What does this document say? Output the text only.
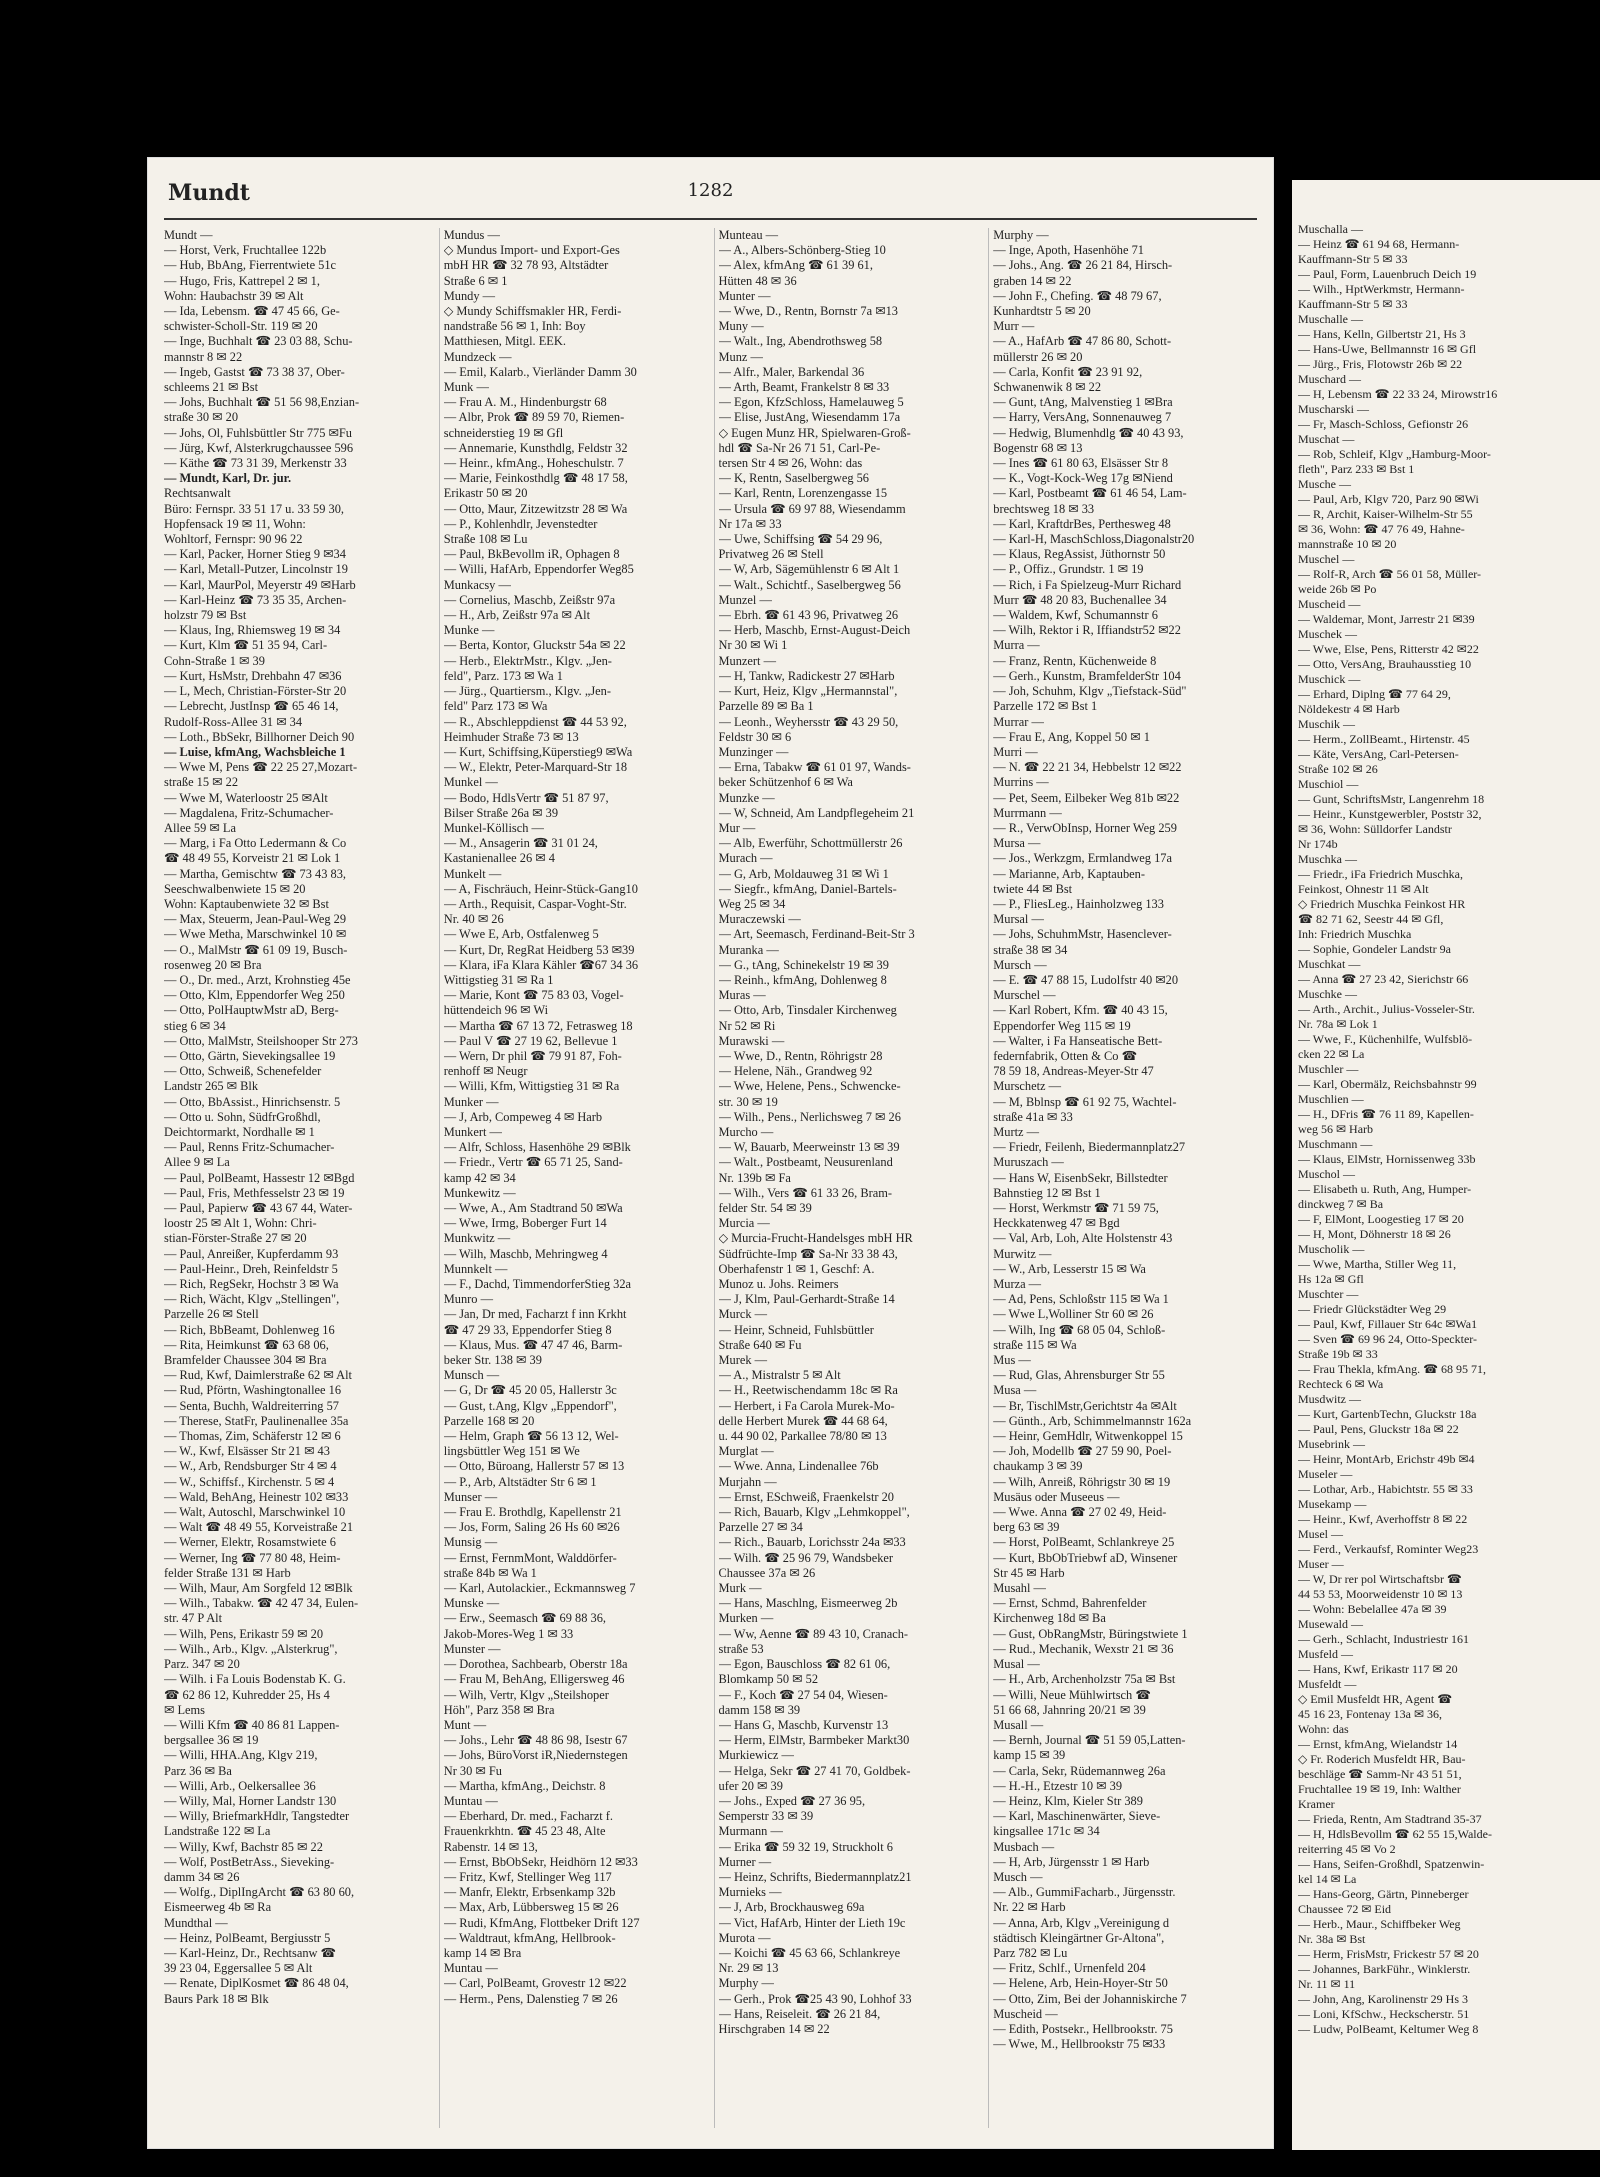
Mundt	1282
Mundt —
— Horst, Verk, Fruchtallee 122b
— Hub, BbAng, Fierrentwiete 51c
— Hugo, Fris, Kattrepel 2 ✉ 1,
Wohn: Haubachstr 39 ✉ Alt
— Ida, Lebensm. ☎ 47 45 66, Ge-
schwister-Scholl-Str. 119 ✉ 20
— Inge, Buchhalt ☎ 23 03 88, Schu-
mannstr 8 ✉ 22
— Ingeb, Gastst ☎ 73 38 37, Ober-
schleems 21 ✉ Bst
— Johs, Buchhalt ☎ 51 56 98,Enzian-
straße 30 ✉ 20
— Johs, Ol, Fuhlsbüttler Str 775 ✉Fu
— Jürg, Kwf, Alsterkrugchaussee 596
— Käthe ☎ 73 31 39, Merkenstr 33
— Mundt, Karl, Dr. jur.
Rechtsanwalt
Büro: Fernspr. 33 51 17 u. 33 59 30,
Hopfensack 19 ✉ 11, Wohn:
Wohltorf, Fernspr: 90 96 22
— Karl, Packer, Horner Stieg 9 ✉34
— Karl, Metall-Putzer, Lincolnstr 19
— Karl, MaurPol, Meyerstr 49 ✉Harb
— Karl-Heinz ☎ 73 35 35, Archen-
holzstr 79 ✉ Bst
— Klaus, Ing, Rhiemsweg 19 ✉ 34
— Kurt, Klm ☎ 51 35 94, Carl-
Cohn-Straße 1 ✉ 39
— Kurt, HsMstr, Drehbahn 47 ✉36
— L, Mech, Christian-Förster-Str 20
— Lebrecht, JustInsp ☎ 65 46 14,
Rudolf-Ross-Allee 31 ✉ 34
— Loth., BbSekr, Billhorner Deich 90
— Luise, kfmAng, Wachsbleiche 1
— Wwe M, Pens ☎ 22 25 27,Mozart-
straße 15 ✉ 22
— Wwe M, Waterloostr 25 ✉Alt
— Magdalena, Fritz-Schumacher-
Allee 59 ✉ La
— Marg, i Fa Otto Ledermann & Co
☎ 48 49 55, Korveistr 21 ✉ Lok 1
— Martha, Gemischtw ☎ 73 43 83,
Seeschwalbenwiete 15 ✉ 20
Wohn: Kaptaubenwiete 32 ✉ Bst
— Max, Steuerm, Jean-Paul-Weg 29
— Wwe Metha, Marschwinkel 10 ✉
— O., MalMstr ☎ 61 09 19, Busch-
rosenweg 20 ✉ Bra
— O., Dr. med., Arzt, Krohnstieg 45e
— Otto, Klm, Eppendorfer Weg 250
— Otto, PolHauptwMstr aD, Berg-
stieg 6 ✉ 34
— Otto, MalMstr, Steilshooper Str 273
— Otto, Gärtn, Sievekingsallee 19
— Otto, Schweiß, Schenefelder
Landstr 265 ✉ Blk
— Otto, BbAssist., Hinrichsenstr. 5
— Otto u. Sohn, SüdfrGroßhdl,
Deichtormarkt, Nordhalle ✉ 1
— Paul, Renns Fritz-Schumacher-
Allee 9 ✉ La
— Paul, PolBeamt, Hassestr 12 ✉Bgd
— Paul, Fris, Methfesselstr 23 ✉ 19
— Paul, Papierw ☎ 43 67 44, Water-
loostr 25 ✉ Alt 1, Wohn: Chri-
stian-Förster-Straße 27 ✉ 20
— Paul, Anreißer, Kupferdamm 93
— Paul-Heinr., Dreh, Reinfeldstr 5
— Rich, RegSekr, Hochstr 3 ✉ Wa
— Rich, Wächt, Klgv „Stellingen",
Parzelle 26 ✉ Stell
— Rich, BbBeamt, Dohlenweg 16
— Rita, Heimkunst ☎ 63 68 06,
Bramfelder Chaussee 304 ✉ Bra
— Rud, Kwf, Daimlerstraße 62 ✉ Alt
— Rud, Pförtn, Washingtonallee 16
— Senta, Buchh, Waldreiterring 57
— Therese, StatFr, Paulinenallee 35a
— Thomas, Zim, Schäferstr 12 ✉ 6
— W., Kwf, Elsässer Str 21 ✉ 43
— W., Arb, Rendsburger Str 4 ✉ 4
— W., Schiffsf., Kirchenstr. 5 ✉ 4
— Wald, BehAng, Heinestr 102 ✉33
— Walt, Autoschl, Marschwinkel 10
— Walt ☎ 48 49 55, Korveistraße 21
— Werner, Elektr, Rosamstwiete 6
— Werner, Ing ☎ 77 80 48, Heim-
felder Straße 131 ✉ Harb
— Wilh, Maur, Am Sorgfeld 12 ✉Blk
— Wilh., Tabakw. ☎ 42 47 34, Eulen-
str. 47 P Alt
— Wilh, Pens, Erikastr 59 ✉ 20
— Wilh., Arb., Klgv. „Alsterkrug",
Parz. 347 ✉ 20
— Wilh. i Fa Louis Bodenstab K. G.
☎ 62 86 12, Kuhredder 25, Hs 4
✉ Lems
— Willi Kfm ☎ 40 86 81 Lappen-
bergsallee 36 ✉ 19
— Willi, HHA.Ang, Klgv 219,
Parz 36 ✉ Ba
— Willi, Arb., Oelkersallee 36
— Willy, Mal, Horner Landstr 130
— Willy, BriefmarkHdlr, Tangstedter
Landstraße 122 ✉ La
— Willy, Kwf, Bachstr 85 ✉ 22
— Wolf, PostBetrAss., Sieveking-
damm 34 ✉ 26
— Wolfg., DiplIngArcht ☎ 63 80 60,
Eismeerweg 4b ✉ Ra
Mundthal —
— Heinz, PolBeamt, Bergiusstr 5
— Karl-Heinz, Dr., Rechtsanw ☎
39 23 04, Eggersallee 5 ✉ Alt
— Renate, DiplKosmet ☎ 86 48 04,
Baurs Park 18 ✉ Blk
Mundus —
◇ Mundus Import- und Export-Ges
mbH HR ☎ 32 78 93, Altstädter
Straße 6 ✉ 1
Mundy —
◇ Mundy Schiffsmakler HR, Ferdi-
nandstraße 56 ✉ 1, Inh: Boy
Matthiesen, Mitgl. EEK.
Mundzeck —
— Emil, Kalarb., Vierländer Damm 30
Munk —
— Frau A. M., Hindenburgstr 68
— Albr, Prok ☎ 89 59 70, Riemen-
schneiderstieg 19 ✉ Gfl
— Annemarie, Kunsthdlg, Feldstr 32
— Heinr., kfmAng., Hoheschulstr. 7
— Marie, Feinkosthdlg ☎ 48 17 58,
Erikastr 50 ✉ 20
— Otto, Maur, Zitzewitzstr 28 ✉ Wa
— P., Kohlenhdlr, Jevenstedter
Straße 108 ✉ Lu
— Paul, BkBevollm iR, Ophagen 8
— Willi, HafArb, Eppendorfer Weg85
Munkacsy —
— Cornelius, Maschb, Zeißstr 97a
— H., Arb, Zeißstr 97a ✉ Alt
Munke —
— Berta, Kontor, Gluckstr 54a ✉ 22
— Herb., ElektrMstr., Klgv. „Jen-
feld", Parz. 173 ✉ Wa 1
— Jürg., Quartiersm., Klgv. „Jen-
feld" Parz 173 ✉ Wa
— R., Abschleppdienst ☎ 44 53 92,
Heimhuder Straße 73 ✉ 13
— Kurt, Schiffsing,Küperstieg9 ✉Wa
— W., Elektr, Peter-Marquard-Str 18
Munkel —
— Bodo, HdlsVertr ☎ 51 87 97,
Bilser Straße 26a ✉ 39
Munkel-Köllisch —
— M., Ansagerin ☎ 31 01 24,
Kastanienallee 26 ✉ 4
Munkelt —
— A, Fischräuch, Heinr-Stück-Gang10
— Arth., Requisit, Caspar-Voght-Str.
Nr. 40 ✉ 26
— Wwe E, Arb, Ostfalenweg 5
— Kurt, Dr, RegRat Heidberg 53 ✉39
— Klara, iFa Klara Kähler ☎67 34 36
Wittigstieg 31 ✉ Ra 1
— Marie, Kont ☎ 75 83 03, Vogel-
hüttendeich 96 ✉ Wi
— Martha ☎ 67 13 72, Fetrasweg 18
— Paul V ☎ 27 19 62, Bellevue 1
— Wern, Dr phil ☎ 79 91 87, Foh-
renhoff ✉ Neugr
— Willi, Kfm, Wittigstieg 31 ✉ Ra
Munker —
— J, Arb, Compeweg 4 ✉ Harb
Munkert —
— Alfr, Schloss, Hasenhöhe 29 ✉Blk
— Friedr., Vertr ☎ 65 71 25, Sand-
kamp 42 ✉ 34
Munkewitz —
— Wwe, A., Am Stadtrand 50 ✉Wa
— Wwe, Irmg, Boberger Furt 14
Munkwitz —
— Wilh, Maschb, Mehringweg 4
Munnkelt —
— F., Dachd, TimmendorferStieg 32a
Munro —
— Jan, Dr med, Facharzt f inn Krkht
☎ 47 29 33, Eppendorfer Stieg 8
— Klaus, Mus. ☎ 47 47 46, Barm-
beker Str. 138 ✉ 39
Munsch —
— G, Dr ☎ 45 20 05, Hallerstr 3c
— Gust, t.Ang, Klgv „Eppendorf",
Parzelle 168 ✉ 20
— Helm, Graph ☎ 56 13 12, Wel-
lingsbüttler Weg 151 ✉ We
— Otto, Büroang, Hallerstr 57 ✉ 13
— P., Arb, Altstädter Str 6 ✉ 1
Munser —
— Frau E. Brothdlg, Kapellenstr 21
— Jos, Form, Saling 26 Hs 60 ✉26
Munsig —
— Ernst, FernmMont, Walddörfer-
straße 84b ✉ Wa 1
— Karl, Autolackier., Eckmannsweg 7
Munske —
— Erw., Seemasch ☎ 69 88 36,
Jakob-Mores-Weg 1 ✉ 33
Munster —
— Dorothea, Sachbearb, Oberstr 18a
— Frau M, BehAng, Elligersweg 46
— Wilh, Vertr, Klgv „Steilshoper
Höh", Parz 358 ✉ Bra
Munt —
— Johs., Lehr ☎ 48 86 98, Isestr 67
— Johs, BüroVorst iR,Niedernstegen
Nr 30 ✉ Fu
— Martha, kfmAng., Deichstr. 8
Muntau —
— Eberhard, Dr. med., Facharzt f.
Frauenkrkhtn. ☎ 45 23 48, Alte
Rabenstr. 14 ✉ 13,
— Ernst, BbObSekr, Heidhörn 12 ✉33
— Fritz, Kwf, Stellinger Weg 117
— Manfr, Elektr, Erbsenkamp 32b
— Max, Arb, Lübbersweg 15 ✉ 26
— Rudi, KfmAng, Flottbeker Drift 127
— Waldtraut, kfmAng, Hellbrook-
kamp 14 ✉ Bra
Muntau —
— Carl, PolBeamt, Grovestr 12 ✉22
— Herm., Pens, Dalenstieg 7 ✉ 26
Munteau —
— A., Albers-Schönberg-Stieg 10
— Alex, kfmAng ☎ 61 39 61,
Hütten 48 ✉ 36
Munter —
— Wwe, D., Rentn, Bornstr 7a ✉13
Muny —
— Walt., Ing, Abendrothsweg 58
Munz —
— Alfr., Maler, Barkendal 36
— Arth, Beamt, Frankelstr 8 ✉ 33
— Egon, KfzSchloss, Hamelauweg 5
— Elise, JustAng, Wiesendamm 17a
◇ Eugen Munz HR, Spielwaren-Groß-
hdl ☎ Sa-Nr 26 71 51, Carl-Pe-
tersen Str 4 ✉ 26, Wohn: das
— K, Rentn, Saselbergweg 56
— Karl, Rentn, Lorenzengasse 15
— Ursula ☎ 69 97 88, Wiesendamm
Nr 17a ✉ 33
— Uwe, Schiffsing ☎ 54 29 96,
Privatweg 26 ✉ Stell
— W, Arb, Sägemühlenstr 6 ✉ Alt 1
— Walt., Schichtf., Saselbergweg 56
Munzel —
— Ebrh. ☎ 61 43 96, Privatweg 26
— Herb, Maschb, Ernst-August-Deich
Nr 30 ✉ Wi 1
Munzert —
— H, Tankw, Radickestr 27 ✉Harb
— Kurt, Heiz, Klgv „Hermannstal",
Parzelle 89 ✉ Ba 1
— Leonh., Weyhersstr ☎ 43 29 50,
Feldstr 30 ✉ 6
Munzinger —
— Erna, Tabakw ☎ 61 01 97, Wands-
beker Schützenhof 6 ✉ Wa
Munzke —
— W, Schneid, Am Landpflegeheim 21
Mur —
— Alb, Ewerführ, Schottmüllerstr 26
Murach —
— G, Arb, Moldauweg 31 ✉ Wi 1
— Siegfr., kfmAng, Daniel-Bartels-
Weg 25 ✉ 34
Muraczewski —
— Art, Seemasch, Ferdinand-Beit-Str 3
Muranka —
— G., tAng, Schinekelstr 19 ✉ 39
— Reinh., kfmAng, Dohlenweg 8
Muras —
— Otto, Arb, Tinsdaler Kirchenweg
Nr 52 ✉ Ri
Murawski —
— Wwe, D., Rentn, Röhrigstr 28
— Helene, Näh., Grandweg 92
— Wwe, Helene, Pens., Schwencke-
str. 30 ✉ 19
— Wilh., Pens., Nerlichsweg 7 ✉ 26
Murcho —
— W, Bauarb, Meerweinstr 13 ✉ 39
— Walt., Postbeamt, Neusurenland
Nr. 139b ✉ Fa
— Wilh., Vers ☎ 61 33 26, Bram-
felder Str. 54 ✉ 39
Murcia —
◇ Murcia-Frucht-Handelsges mbH HR
Südfrüchte-Imp ☎ Sa-Nr 33 38 43,
Oberhafenstr 1 ✉ 1, Geschf: A.
Munoz u. Johs. Reimers
— J, Klm, Paul-Gerhardt-Straße 14
Murck —
— Heinr, Schneid, Fuhlsbüttler
Straße 640 ✉ Fu
Murek —
— A., Mistralstr 5 ✉ Alt
— H., Reetwischendamm 18c ✉ Ra
— Herbert, i Fa Carola Murek-Mo-
delle Herbert Murek ☎ 44 68 64,
u. 44 90 02, Parkallee 78/80 ✉ 13
Murglat —
— Wwe. Anna, Lindenallee 76b
Murjahn —
— Ernst, ESchweiß, Fraenkelstr 20
— Rich, Bauarb, Klgv „Lehmkoppel",
Parzelle 27 ✉ 34
— Rich., Bauarb, Lorichsstr 24a ✉33
— Wilh. ☎ 25 96 79, Wandsbeker
Chaussee 37a ✉ 26
Murk —
— Hans, Maschlng, Eismeerweg 2b
Murken —
— Ww, Aenne ☎ 89 43 10, Cranach-
straße 53
— Egon, Bauschloss ☎ 82 61 06,
Blomkamp 50 ✉ 52
— F., Koch ☎ 27 54 04, Wiesen-
damm 158 ✉ 39
— Hans G, Maschb, Kurvenstr 13
— Herm, ElMstr, Barmbeker Markt30
Murkiewicz —
— Helga, Sekr ☎ 27 41 70, Goldbek-
ufer 20 ✉ 39
— Johs., Exped ☎ 27 36 95,
Semperstr 33 ✉ 39
Murmann —
— Erika ☎ 59 32 19, Struckholt 6
Murner —
— Heinz, Schrifts, Biedermannplatz21
Murnieks —
— J, Arb, Brockhausweg 69a
— Vict, HafArb, Hinter der Lieth 19c
Murota —
— Koichi ☎ 45 63 66, Schlankreye
Nr. 29 ✉ 13
Murphy —
— Gerh., Prok ☎25 43 90, Lohhof 33
— Hans, Reiseleit. ☎ 26 21 84,
Hirschgraben 14 ✉ 22
Murphy —
— Inge, Apoth, Hasenhöhe 71
— Johs., Ang. ☎ 26 21 84, Hirsch-
graben 14 ✉ 22
— John F., Chefing. ☎ 48 79 67,
Kunhardtstr 5 ✉ 20
Murr —
— A., HafArb ☎ 47 86 80, Schott-
müllerstr 26 ✉ 20
— Carla, Konfit ☎ 23 91 92,
Schwanenwik 8 ✉ 22
— Gunt, tAng, Malvenstieg 1 ✉Bra
— Harry, VersAng, Sonnenauweg 7
— Hedwig, Blumenhdlg ☎ 40 43 93,
Bogenstr 68 ✉ 13
— Ines ☎ 61 80 63, Elsässer Str 8
— K., Vogt-Kock-Weg 17g ✉Niend
— Karl, Postbeamt ☎ 61 46 54, Lam-
brechtsweg 18 ✉ 33
— Karl, KraftdrBes, Perthesweg 48
— Karl-H, MaschSchloss,Diagonalstr20
— Klaus, RegAssist, Jüthornstr 50
— P., Offiz., Grundstr. 1 ✉ 19
— Rich, i Fa Spielzeug-Murr Richard
Murr ☎ 48 20 83, Buchenallee 34
— Waldem, Kwf, Schumannstr 6
— Wilh, Rektor i R, Iffiandstr52 ✉22
Murra —
— Franz, Rentn, Küchenweide 8
— Gerh., Kunstm, BramfelderStr 104
— Joh, Schuhm, Klgv „Tiefstack-Süd"
Parzelle 172 ✉ Bst 1
Murrar —
— Frau E, Ang, Koppel 50 ✉ 1
Murri —
— N. ☎ 22 21 34, Hebbelstr 12 ✉22
Murrins —
— Pet, Seem, Eilbeker Weg 81b ✉22
Murrmann —
— R., VerwObInsp, Horner Weg 259
Mursa —
— Jos., Werkzgm, Ermlandweg 17a
— Marianne, Arb, Kaptauben-
twiete 44 ✉ Bst
— P., FliesLeg., Hainholzweg 133
Mursal —
— Johs, SchuhmMstr, Hasenclever-
straße 38 ✉ 34
Mursch —
— E. ☎ 47 88 15, Ludolfstr 40 ✉20
Murschel —
— Karl Robert, Kfm. ☎ 40 43 15,
Eppendorfer Weg 115 ✉ 19
— Walter, i Fa Hanseatische Bett-
federnfabrik, Otten & Co ☎
78 59 18, Andreas-Meyer-Str 47
Murschetz —
— M, Bblnsp ☎ 61 92 75, Wachtel-
straße 41a ✉ 33
Murtz —
— Friedr, Feilenh, Biedermannplatz27
Muruszach —
— Hans W, EisenbSekr, Billstedter
Bahnstieg 12 ✉ Bst 1
— Horst, Werkmstr ☎ 71 59 75,
Heckkatenweg 47 ✉ Bgd
— Val, Arb, Loh, Alte Holstenstr 43
Murwitz —
— W., Arb, Lesserstr 15 ✉ Wa
Murza —
— Ad, Pens, Schloßstr 115 ✉ Wa 1
— Wwe L,Wolliner Str 60 ✉ 26
— Wilh, Ing ☎ 68 05 04, Schloß-
straße 115 ✉ Wa
Mus —
— Rud, Glas, Ahrensburger Str 55
Musa —
— Br, TischlMstr,Gerichtstr 4a ✉Alt
— Günth., Arb, Schimmelmannstr 162a
— Heinr, GemHdlr, Witwenkoppel 15
— Joh, Modellb ☎ 27 59 90, Poel-
chaukamp 3 ✉ 39
— Wilh, Anreiß, Röhrigstr 30 ✉ 19
Musäus oder Museeus —
— Wwe. Anna ☎ 27 02 49, Heid-
berg 63 ✉ 39
— Horst, PolBeamt, Schlankreye 25
— Kurt, BbObTriebwf aD, Winsener
Str 45 ✉ Harb
Musahl —
— Ernst, Schmd, Bahrenfelder
Kirchenweg 18d ✉ Ba
— Gust, ObRangMstr, Büringstwiete 1
— Rud., Mechanik, Wexstr 21 ✉ 36
Musal —
— H., Arb, Archenholzstr 75a ✉ Bst
— Willi, Neue Mühlwirtsch ☎
51 66 68, Jahnring 20/21 ✉ 39
Musall —
— Bernh, Journal ☎ 51 59 05,Latten-
kamp 15 ✉ 39
— Carla, Sekr, Rüdemannweg 26a
— H.-H., Etzestr 10 ✉ 39
— Heinz, Klm, Kieler Str 389
— Karl, Maschinenwärter, Sieve-
kingsallee 171c ✉ 34
Musbach —
— H, Arb, Jürgensstr 1 ✉ Harb
Musch —
— Alb., GummiFacharb., Jürgensstr.
Nr. 22 ✉ Harb
— Anna, Arb, Klgv „Vereinigung d
städtisch Kleingärtner Gr-Altona",
Parz 782 ✉ Lu
— Fritz, Schlf., Urnenfeld 204
— Helene, Arb, Hein-Hoyer-Str 50
— Otto, Zim, Bei der Johanniskirche 7
Muscheid —
— Edith, Postsekr., Hellbrookstr. 75
— Wwe, M., Hellbrookstr 75 ✉33
Muschalla —
— Heinz ☎ 61 94 68, Hermann-
Kauffmann-Str 5 ✉ 33
— Paul, Form, Lauenbruch Deich 19
— Wilh., HptWerkmstr, Hermann-
Kauffmann-Str 5 ✉ 33
Muschalle —
— Hans, Kelln, Gilbertstr 21, Hs 3
— Hans-Uwe, Bellmannstr 16 ✉ Gfl
— Jürg., Fris, Flotowstr 26b ✉ 22
Muschard —
— H, Lebensm ☎ 22 33 24, Mirowstr16
Muscharski —
— Fr, Masch-Schloss, Gefionstr 26
Muschat —
— Rob, Schleif, Klgv „Hamburg-Moor-
fleth", Parz 233 ✉ Bst 1
Musche —
— Paul, Arb, Klgv 720, Parz 90 ✉Wi
— R, Archit, Kaiser-Wilhelm-Str 55
✉ 36, Wohn: ☎ 47 76 49, Hahne-
mannstraße 10 ✉ 20
Muschel —
— Rolf-R, Arch ☎ 56 01 58, Müller-
weide 26b ✉ Po
Muscheid —
— Waldemar, Mont, Jarrestr 21 ✉39
Muschek —
— Wwe, Else, Pens, Ritterstr 42 ✉22
— Otto, VersAng, Brauhausstieg 10
Muschick —
— Erhard, Diplng ☎ 77 64 29,
Nöldekestr 4 ✉ Harb
Muschik —
— Herm., ZollBeamt., Hirtenstr. 45
— Käte, VersAng, Carl-Petersen-
Straße 102 ✉ 26
Muschiol —
— Gunt, SchriftsMstr, Langenrehm 18
— Heinr., Kunstgewerbler, Poststr 32,
✉ 36, Wohn: Sülldorfer Landstr
Nr 174b
Muschka —
— Friedr., iFa Friedrich Muschka,
Feinkost, Ohnestr 11 ✉ Alt
◇ Friedrich Muschka Feinkost HR
☎ 82 71 62, Seestr 44 ✉ Gfl,
Inh: Friedrich Muschka
— Sophie, Gondeler Landstr 9a
Muschkat —
— Anna ☎ 27 23 42, Sierichstr 66
Muschke —
— Arth., Archit., Julius-Vosseler-Str.
Nr. 78a ✉ Lok 1
— Wwe, F., Küchenhilfe, Wulfsblö-
cken 22 ✉ La
Muschler —
— Karl, Obermälz, Reichsbahnstr 99
Muschlien —
— H., DFris ☎ 76 11 89, Kapellen-
weg 56 ✉ Harb
Muschmann —
— Klaus, ElMstr, Hornissenweg 33b
Muschol —
— Elisabeth u. Ruth, Ang, Humper-
dinckweg 7 ✉ Ba
— F, ElMont, Loogestieg 17 ✉ 20
— H, Mont, Döhnerstr 18 ✉ 26
Muscholik —
— Wwe, Martha, Stiller Weg 11,
Hs 12a ✉ Gfl
Muschter —
— Friedr Glückstädter Weg 29
— Paul, Kwf, Fillauer Str 64c ✉Wa1
— Sven ☎ 69 96 24, Otto-Speckter-
Straße 19b ✉ 33
— Frau Thekla, kfmAng. ☎ 68 95 71,
Rechteck 6 ✉ Wa
Musdwitz —
— Kurt, GartenbTechn, Gluckstr 18a
— Paul, Pens, Gluckstr 18a ✉ 22
Musebrink —
— Heinr, MontArb, Erichstr 49b ✉4
Museler —
— Lothar, Arb., Habichtstr. 55 ✉ 33
Musekamp —
— Heinr., Kwf, Averhoffstr 8 ✉ 22
Musel —
— Ferd., Verkaufsf, Rominter Weg23
Muser —
— W, Dr rer pol Wirtschaftsbr ☎
44 53 53, Moorweidenstr 10 ✉ 13
— Wohn: Bebelallee 47a ✉ 39
Musewald —
— Gerh., Schlacht, Industriestr 161
Musfeld —
— Hans, Kwf, Erikastr 117 ✉ 20
Musfeldt —
◇ Emil Musfeldt HR, Agent ☎
45 16 23, Fontenay 13a ✉ 36,
Wohn: das
— Ernst, kfmAng, Wielandstr 14
◇ Fr. Roderich Musfeldt HR, Bau-
beschläge ☎ Samm-Nr 43 51 51,
Fruchtallee 19 ✉ 19, Inh: Walther
Kramer
— Frieda, Rentn, Am Stadtrand 35-37
— H, HdlsBevollm ☎ 62 55 15,Walde-
reiterring 45 ✉ Vo 2
— Hans, Seifen-Großhdl, Spatzenwin-
kel 14 ✉ La
— Hans-Georg, Gärtn, Pinneberger
Chaussee 72 ✉ Eid
— Herb., Maur., Schiffbeker Weg
Nr. 38a ✉ Bst
— Herm, FrisMstr, Frickestr 57 ✉ 20
— Johannes, BarkFühr., Winklerstr.
Nr. 11 ✉ 11
— John, Ang, Karolinenstr 29 Hs 3
— Loni, KfSchw., Heckscherstr. 51
— Ludw, PolBeamt, Keltumer Weg 8
